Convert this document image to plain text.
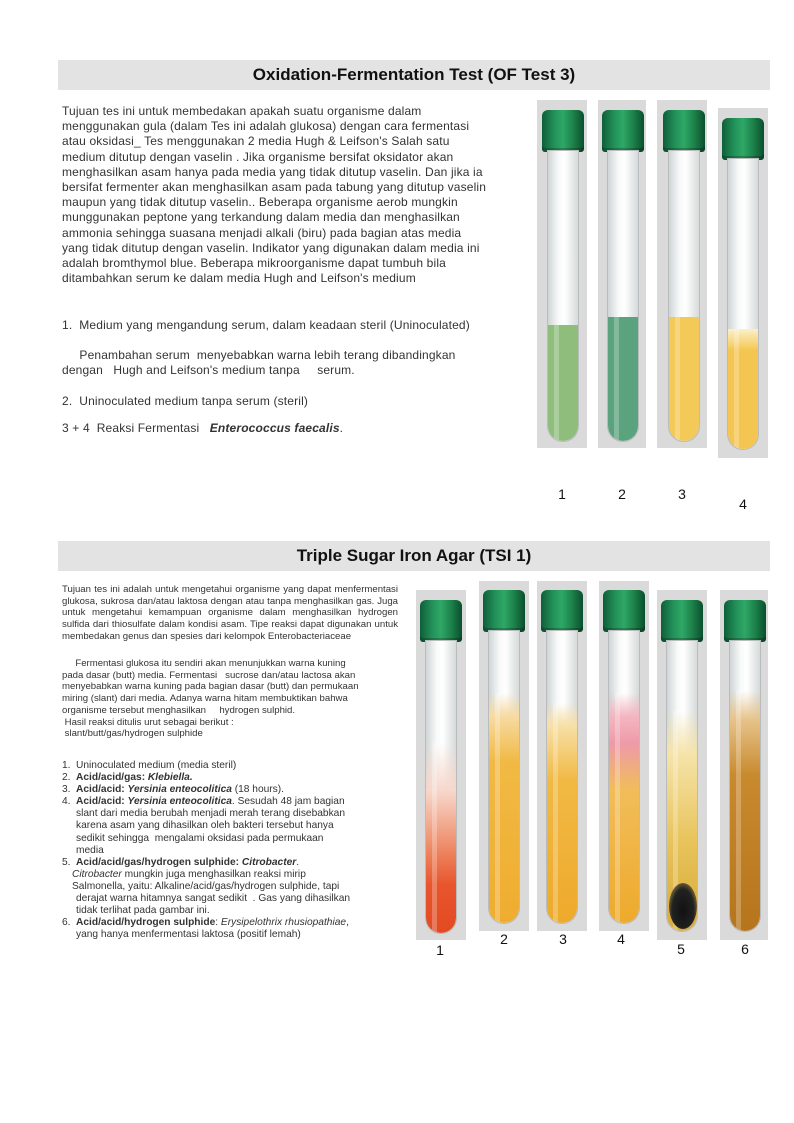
Oxidation-Fermentation Test (OF Test 3)
Tujuan tes ini untuk membedakan apakah suatu organisme dalam
menggunakan gula (dalam Tes ini adalah glukosa) dengan cara fermentasi
atau oksidasi_ Tes menggunakan 2 media Hugh & Leifson's Salah satu
medium ditutup dengan vaselin . Jika organisme bersifat oksidator akan
menghasilkan asam hanya pada media yang tidak ditutup vaselin. Dan jika ia
bersifat fermenter akan menghasilkan asam pada tabung yang ditutup vaselin
maupun yang tidak ditutup vaselin.. Beberapa organisme aerob mungkin
munggunakan peptone yang terkandung dalam media dan menghasilkan
ammonia sehingga suasana menjadi alkali (biru) pada bagian atas media
yang tidak ditutup dengan vaselin. Indikator yang digunakan dalam media ini
adalah bromthymol blue. Beberapa mikroorganisme dapat tumbuh bila
ditambahkan serum ke dalam media Hugh and Leifson's medium

1.  Medium yang mengandung serum, dalam keadaan steril (Uninoculated)

Penambahan serum  menyebabkan warna lebih terang dibandingkan

dengan   Hugh and Leifson's medium tanpa     serum.

2.  Uninoculated medium tanpa serum (steril)

3 + 4  Reaksi Fermentasi   Enterococcus faecalis.

1	2	3
4
Triple Sugar Iron Agar (TSI 1)
Tujuan tes ini adalah untuk mengetahui organisme yang dapat menfermentasi glukosa, sukrosa dan/atau laktosa dengan atau tanpa menghasilkan gas. Juga untuk mengetahui kemampuan organisme dalam menghasilkan hydrogen sulfida dari thiosulfate dalam kondisi asam. Tipe reaksi dapat digunakan untuk membedakan genus dan spesies dari kelompok Enterobacteriaceae
Fermentasi glukosa itu sendiri akan menunjukkan warna kuning
pada dasar (butt) media. Fermentasi   sucrose dan/atau lactosa akan
menyebabkan warna kuning pada bagian dasar (butt) dan permukaan
miring (slant) dari media. Adanya warna hitam membuktikan bahwa
organisme tersebut menghasilkan     hydrogen sulphid.
Hasil reaksi ditulis urut sebagai berikut :
slant/butt/gas/hydrogen sulphide
1. Uninoculated medium (media steril)
2. Acid/acid/gas: Klebiella.
3. Acid/acid: Yersinia enteocolitica (18 hours).
4. Acid/acid: Yersinia enteocolitica. Sesudah 48 jam bagian
slant dari media berubah menjadi merah terang disebabkan
karena asam yang dihasilkan oleh bakteri tersebut hanya
sedikit sehingga  mengalami oksidasi pada permukaan
media
5. Acid/acid/gas/hydrogen sulphide: Citrobacter.
Citrobacter mungkin juga menghasilkan reaksi mirip
Salmonella, yaitu: Alkaline/acid/gas/hydrogen sulphide, tapi
derajat warna hitamnya sangat sedikit  . Gas yang dihasilkan
tidak terlihat pada gambar ini.
6. Acid/acid/hydrogen sulphide: Erysipelothrix rhusiopathiae,
yang hanya menfermentasi laktosa (positif lemah)
1
2	3	4
5	6
